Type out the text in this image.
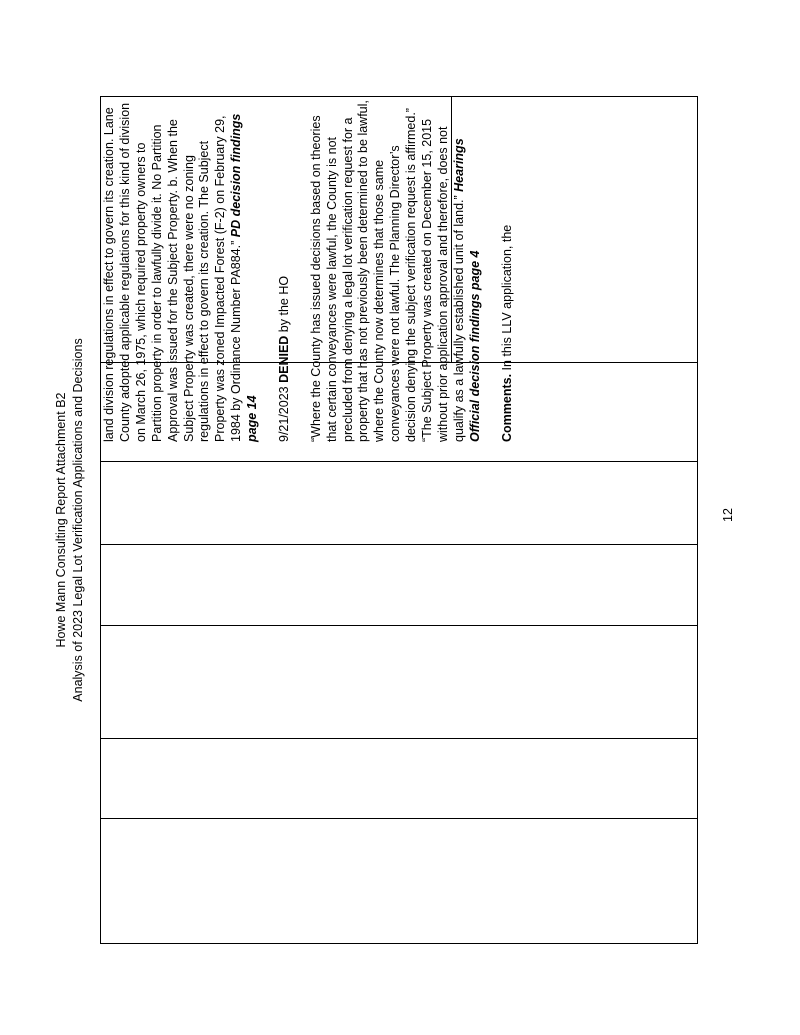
Howe Mann Consulting Report Attachment B2 Analysis of 2023 Legal Lot Verification Applications and Decisions	12

land division regulations in effect to govern its creation. Lane County adopted applicable regulations for this kind of division on March 26, 1975, which required property owners to Partition property in order to lawfully divide it. No Partition Approval was issued for the Subject Property. b. When the Subject Property was created, there were no zoning regulations in effect to govern its creation. The Subject Property was zoned Impacted Forest (F-2) on February 29, 1984 by Ordinance Number PA884.” PD decision findings page 14 9/21/2023 DENIED by the HO “Where the County has issued decisions based on theories that certain conveyances were lawful, the County is not precluded from denying a legal lot verification request for a property that has not previously been determined to be lawful, where the County now determines that those same conveyances were not lawful. The Planning Director’s decision denying the subject verification request is affirmed.” “The Subject Property was created on December 15, 2015 without prior application approval and therefore, does not qualify as a lawfully established unit of land.” Hearings Official decision findings page 4 Comments. In this LLV application, the
